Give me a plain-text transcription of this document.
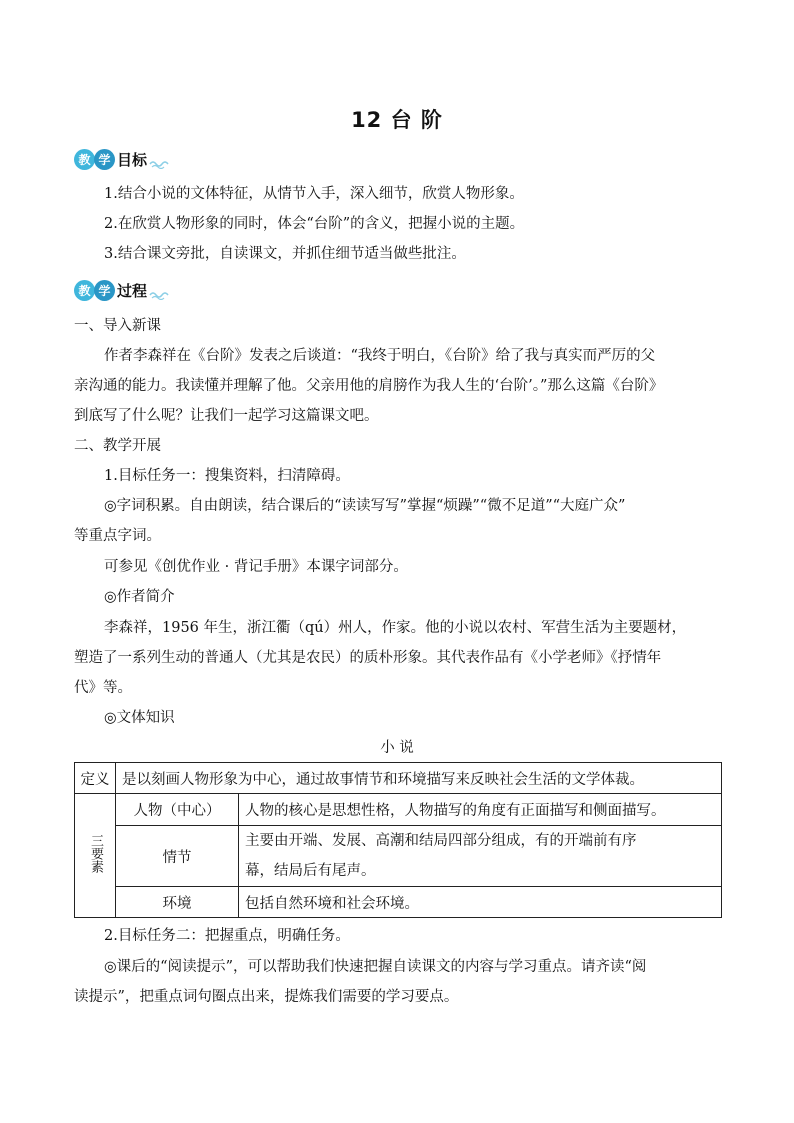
12 台 阶
教 学 目标
1.结合小说的文体特征，从情节入手，深入细节，欣赏人物形象。
2.在欣赏人物形象的同时，体会“台阶”的含义，把握小说的主题。
3.结合课文旁批，自读课文，并抓住细节适当做些批注。
教 学 过程
一、导入新课
作者李森祥在《台阶》发表之后谈道：“我终于明白，《台阶》给了我与真实而严厉的父
亲沟通的能力。我读懂并理解了他。父亲用他的肩膀作为我人生的‘台阶’。”那么这篇《台阶》
到底写了什么呢？让我们一起学习这篇课文吧。
二、教学开展
1.目标任务一：搜集资料，扫清障碍。
◎字词积累。自由朗读，结合课后的“读读写写”掌握“烦躁”“微不足道”“大庭广众”
等重点字词。
可参见《创优作业 · 背记手册》本课字词部分。
◎作者简介
李森祥，1956 年生，浙江衢（qú）州人，作家。他的小说以农村、军营生活为主要题材，
塑造了一系列生动的普通人（尤其是农民）的质朴形象。其代表作品有《小学老师》《抒情年
代》等。
◎文体知识
小 说
定义	是以刻画人物形象为中心，通过故事情节和环境描写来反映社会生活的文学体裁。	
三要素	人物（中心）	人物的核心是思想性格，人物描写的角度有正面描写和侧面描写。
	情节	主要由开端、发展、高潮和结局四部分组成，有的开端前有序
幕，结局后有尾声。

	环境	包括自然环境和社会环境。
2.目标任务二：把握重点，明确任务。
◎课后的“阅读提示”，可以帮助我们快速把握自读课文的内容与学习重点。请齐读“阅
读提示”，把重点词句圈点出来，提炼我们需要的学习要点。
